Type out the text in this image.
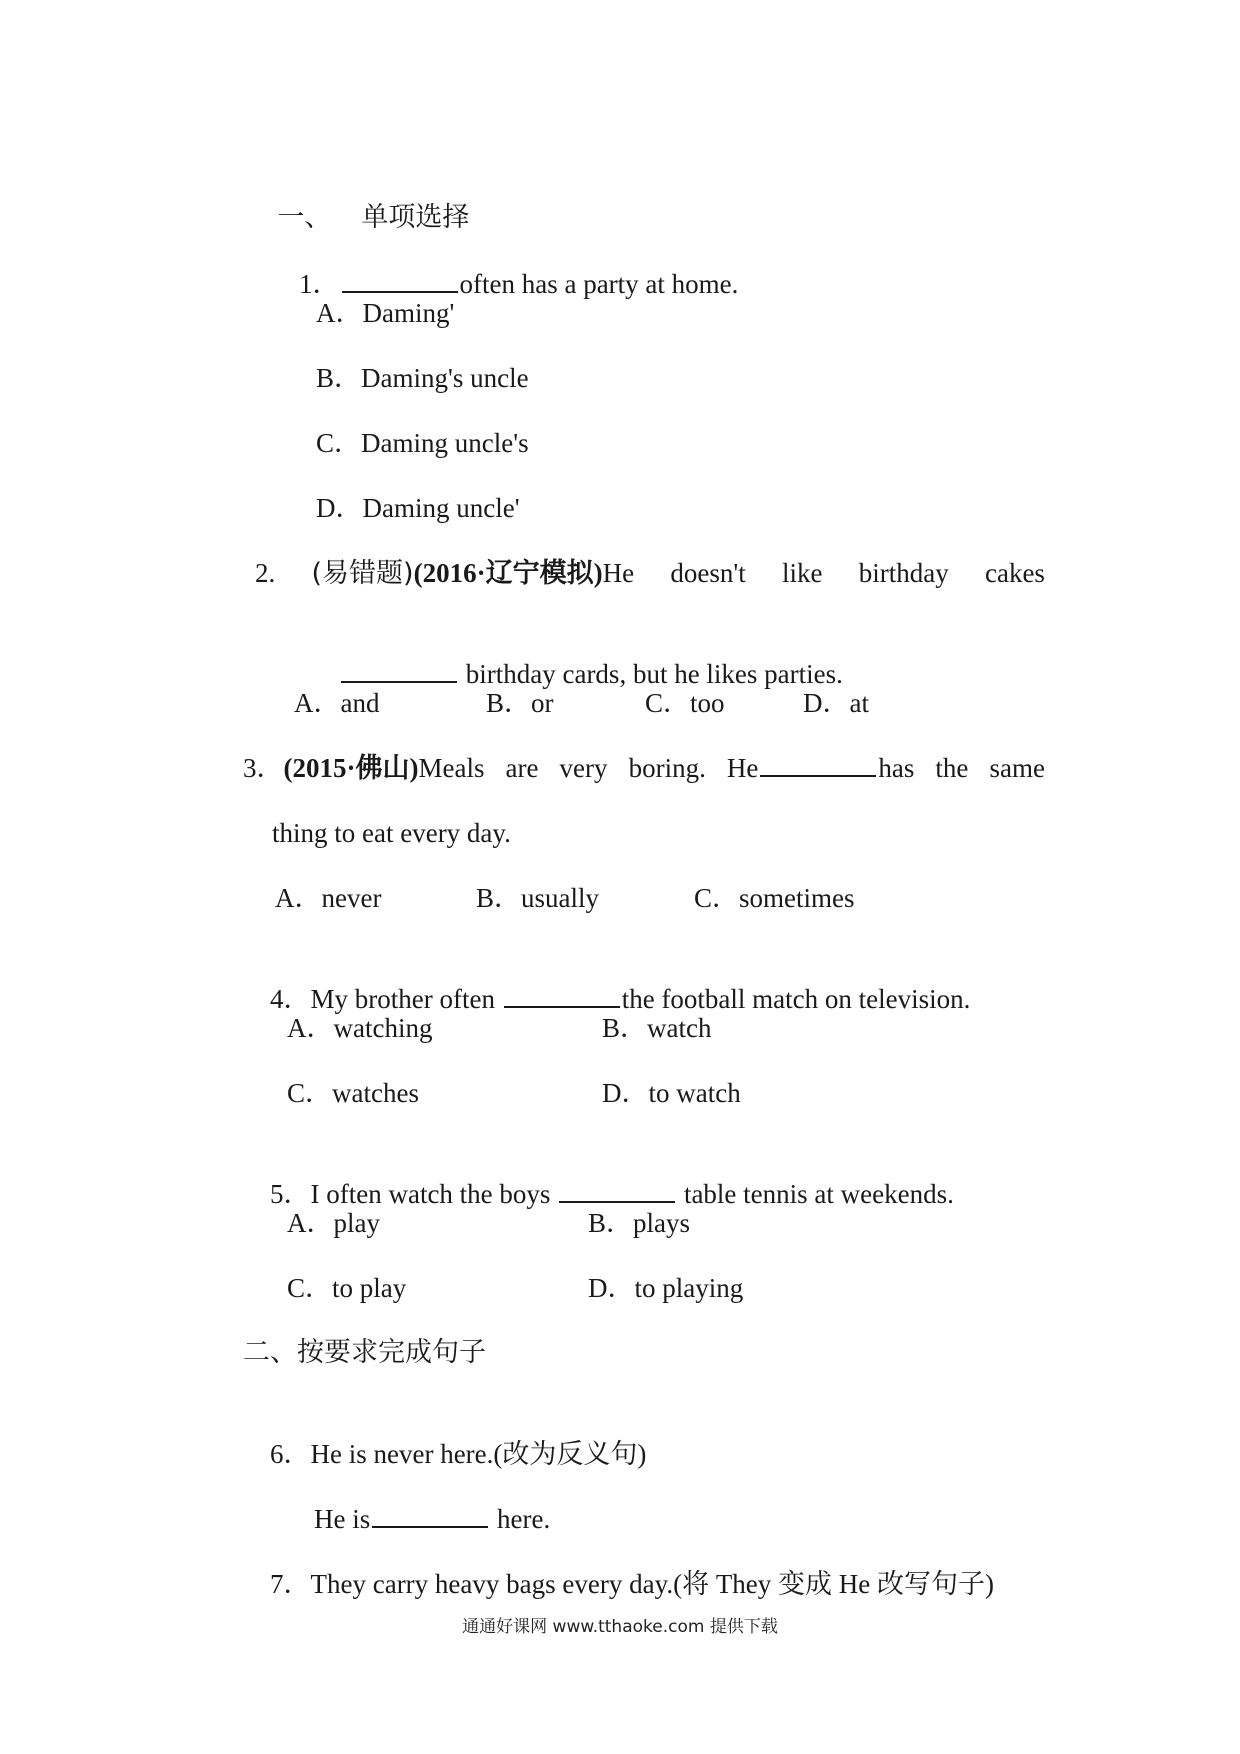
一、 单项选择

1．	often has a party at home.

A．Daming'
B．Daming's uncle
C．Daming uncle's
D．Daming uncle'
2. (易错题)(2016·辽宁模拟)He doesn't like birthday cakes

birthday cards, but he likes parties.

A．and	B．or	C．too	D．at
3．(2015·佛山)Meals are very boring. He	has the same
thing to eat every day.
A．never	B．usually	C．sometimes

4．My brother often	the football match on television.

A．watching	B．watch
C．watches	D．to watch

5．I often watch the boys	table tennis at weekends.

A．play	B．plays
C．to play	D．to playing
二、按要求完成句子

6．He is never here.(改为反义句)

He is	here.

7．They carry heavy bags every day.(将 They 变成 He 改写句子)

通通好课网 www.tthaoke.com 提供下载
